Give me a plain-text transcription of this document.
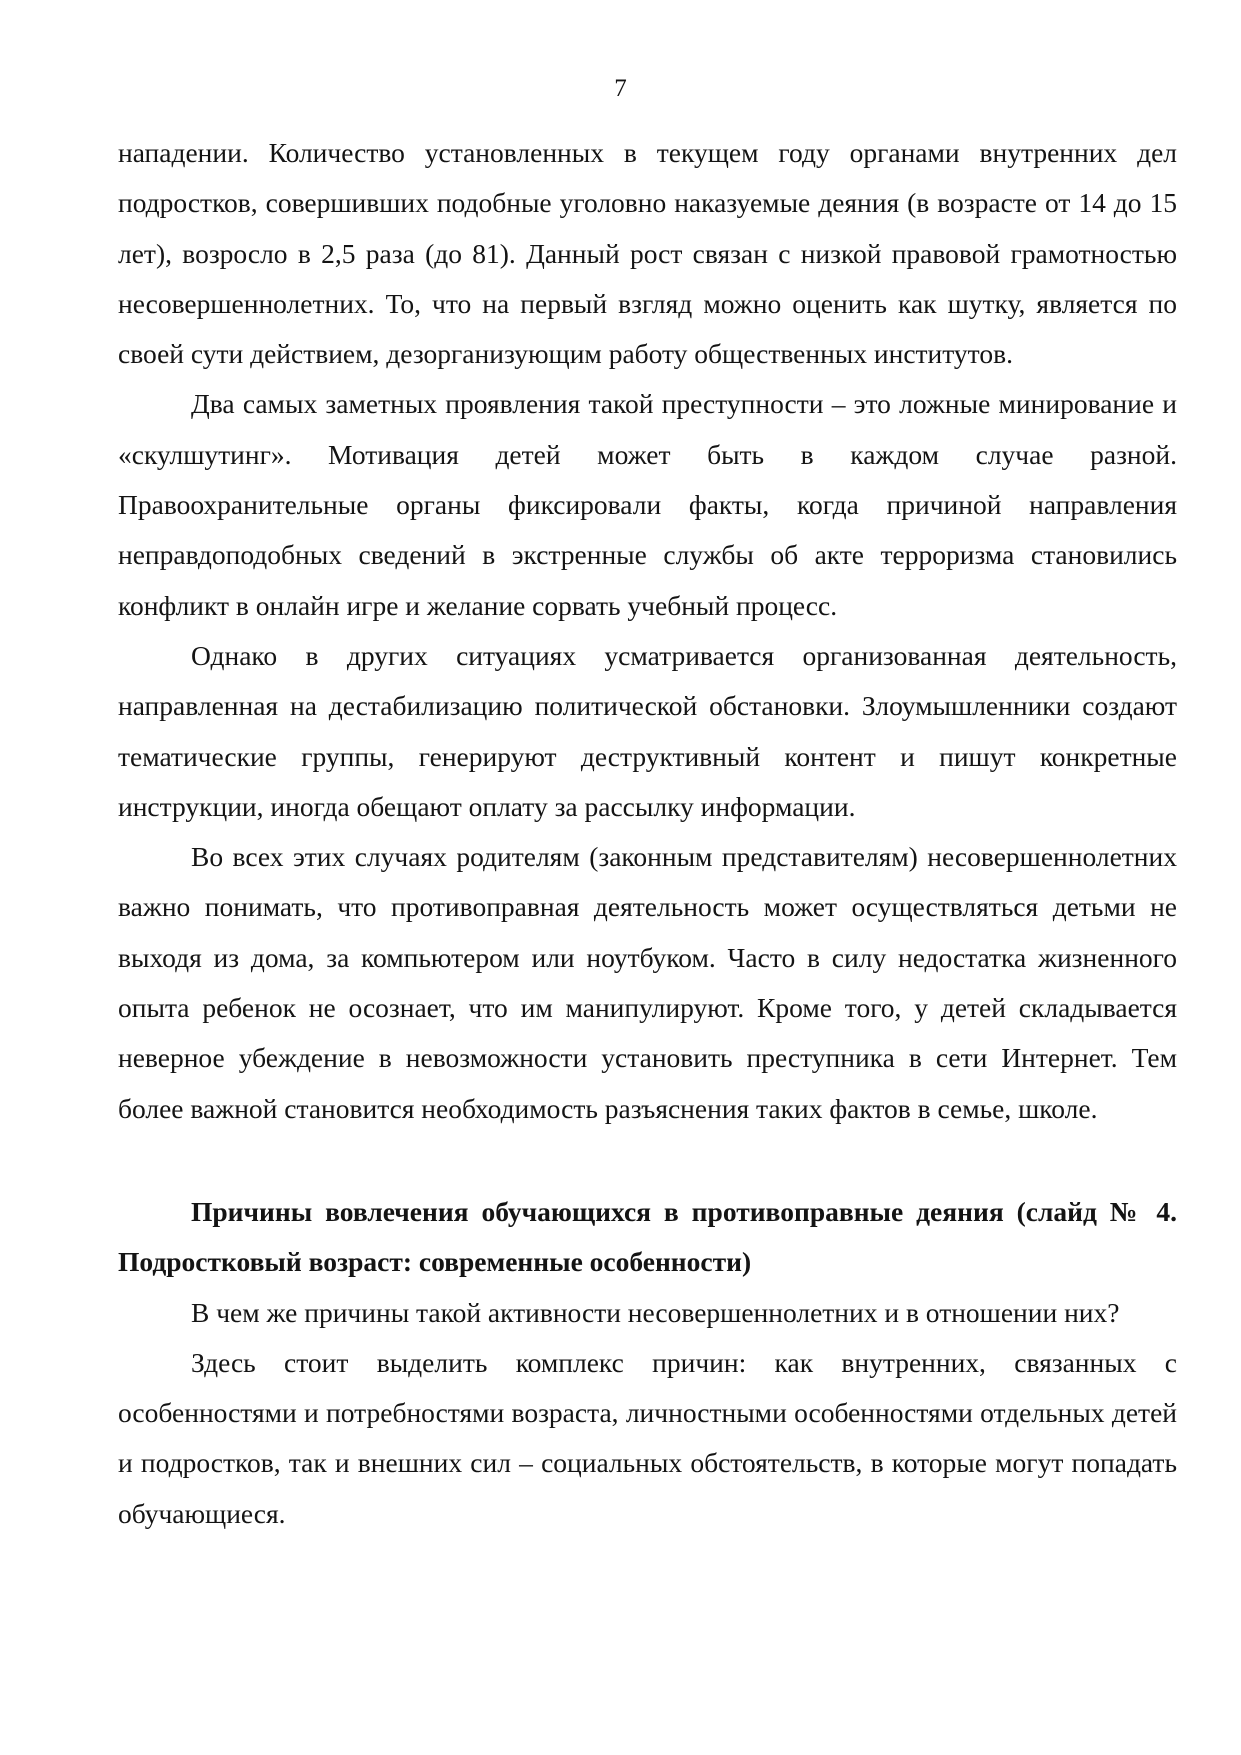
7

нападении. Количество установленных в текущем году органами внутренних дел подростков, совершивших подобные уголовно наказуемые деяния (в возрасте от 14 до 15 лет), возросло в 2,5 раза (до 81). Данный рост связан с низкой правовой грамотностью несовершеннолетних. То, что на первый взгляд можно оценить как шутку, является по своей сути действием, дезорганизующим работу общественных институтов.

Два самых заметных проявления такой преступности – это ложные минирование и «скулшутинг». Мотивация детей может быть в каждом случае разной. Правоохранительные органы фиксировали факты, когда причиной направления неправдоподобных сведений в экстренные службы об акте терроризма становились конфликт в онлайн игре и желание сорвать учебный процесс.

Однако в других ситуациях усматривается организованная деятельность, направленная на дестабилизацию политической обстановки. Злоумышленники создают тематические группы, генерируют деструктивный контент и пишут конкретные инструкции, иногда обещают оплату за рассылку информации.

Во всех этих случаях родителям (законным представителям) несовершеннолетних важно понимать, что противоправная деятельность может осуществляться детьми не выходя из дома, за компьютером или ноутбуком. Часто в силу недостатка жизненного опыта ребенок не осознает, что им манипулируют. Кроме того, у детей складывается неверное убеждение в невозможности установить преступника в сети Интернет. Тем более важной становится необходимость разъяснения таких фактов в семье, школе.

Причины вовлечения обучающихся в противоправные деяния (слайд № 4. Подростковый возраст: современные особенности)

В чем же причины такой активности несовершеннолетних и в отношении них?

Здесь стоит выделить комплекс причин: как внутренних, связанных с особенностями и потребностями возраста, личностными особенностями отдельных детей и подростков, так и внешних сил – социальных обстоятельств, в которые могут попадать обучающиеся.
